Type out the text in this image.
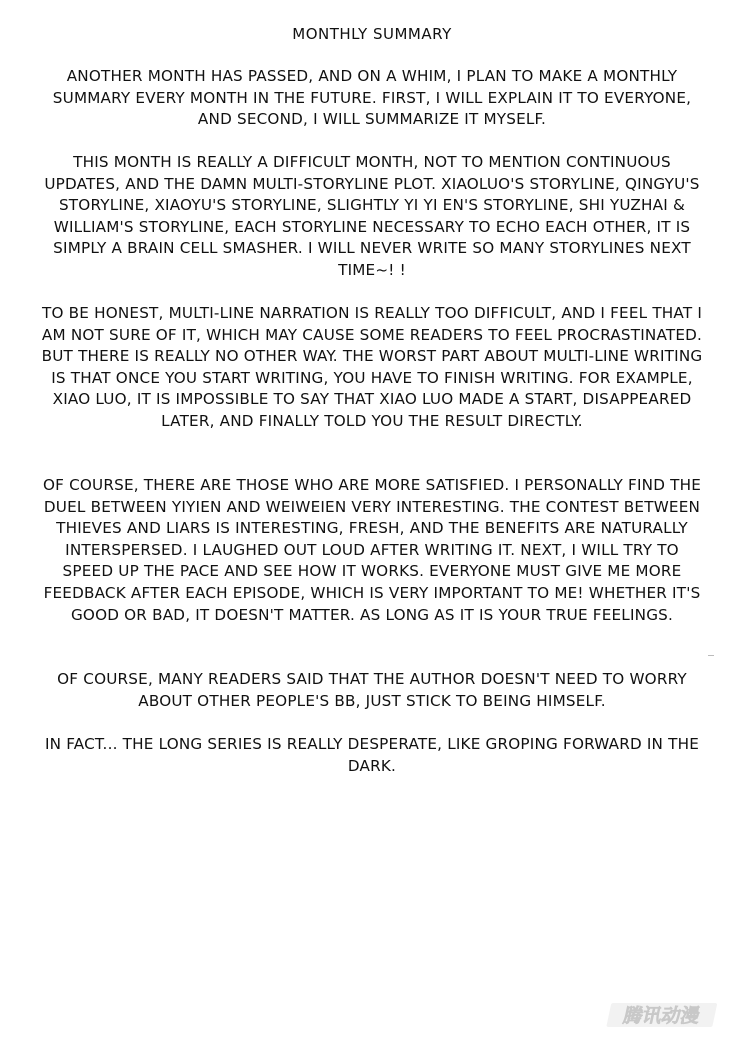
MONTHLY SUMMARY

ANOTHER MONTH HAS PASSED, AND ON A WHIM, I PLAN TO MAKE A MONTHLY SUMMARY EVERY MONTH IN THE FUTURE. FIRST, I WILL EXPLAIN IT TO EVERYONE, AND SECOND, I WILL SUMMARIZE IT MYSELF.

THIS MONTH IS REALLY A DIFFICULT MONTH, NOT TO MENTION CONTINUOUS UPDATES, AND THE DAMN MULTI-STORYLINE PLOT. XIAOLUO'S STORYLINE, QINGYU'S STORYLINE, XIAOYU'S STORYLINE, SLIGHTLY YI YI EN'S STORYLINE, SHI YUZHAI & WILLIAM'S STORYLINE, EACH STORYLINE NECESSARY TO ECHO EACH OTHER, IT IS SIMPLY A BRAIN CELL SMASHER. I WILL NEVER WRITE SO MANY STORYLINES NEXT TIME~! !

TO BE HONEST, MULTI-LINE NARRATION IS REALLY TOO DIFFICULT, AND I FEEL THAT I AM NOT SURE OF IT, WHICH MAY CAUSE SOME READERS TO FEEL PROCRASTINATED. BUT THERE IS REALLY NO OTHER WAY. THE WORST PART ABOUT MULTI-LINE WRITING IS THAT ONCE YOU START WRITING, YOU HAVE TO FINISH WRITING. FOR EXAMPLE, XIAO LUO, IT IS IMPOSSIBLE TO SAY THAT XIAO LUO MADE A START, DISAPPEARED LATER, AND FINALLY TOLD YOU THE RESULT DIRECTLY.

OF COURSE, THERE ARE THOSE WHO ARE MORE SATISFIED. I PERSONALLY FIND THE DUEL BETWEEN YIYIEN AND WEIWEIEN VERY INTERESTING. THE CONTEST BETWEEN THIEVES AND LIARS IS INTERESTING, FRESH, AND THE BENEFITS ARE NATURALLY INTERSPERSED. I LAUGHED OUT LOUD AFTER WRITING IT. NEXT, I WILL TRY TO SPEED UP THE PACE AND SEE HOW IT WORKS. EVERYONE MUST GIVE ME MORE FEEDBACK AFTER EACH EPISODE, WHICH IS VERY IMPORTANT TO ME! WHETHER IT'S GOOD OR BAD, IT DOESN'T MATTER. AS LONG AS IT IS YOUR TRUE FEELINGS.

OF COURSE, MANY READERS SAID THAT THE AUTHOR DOESN'T NEED TO WORRY ABOUT OTHER PEOPLE'S BB, JUST STICK TO BEING HIMSELF.

IN FACT... THE LONG SERIES IS REALLY DESPERATE, LIKE GROPING FORWARD IN THE DARK.

腾讯动漫
